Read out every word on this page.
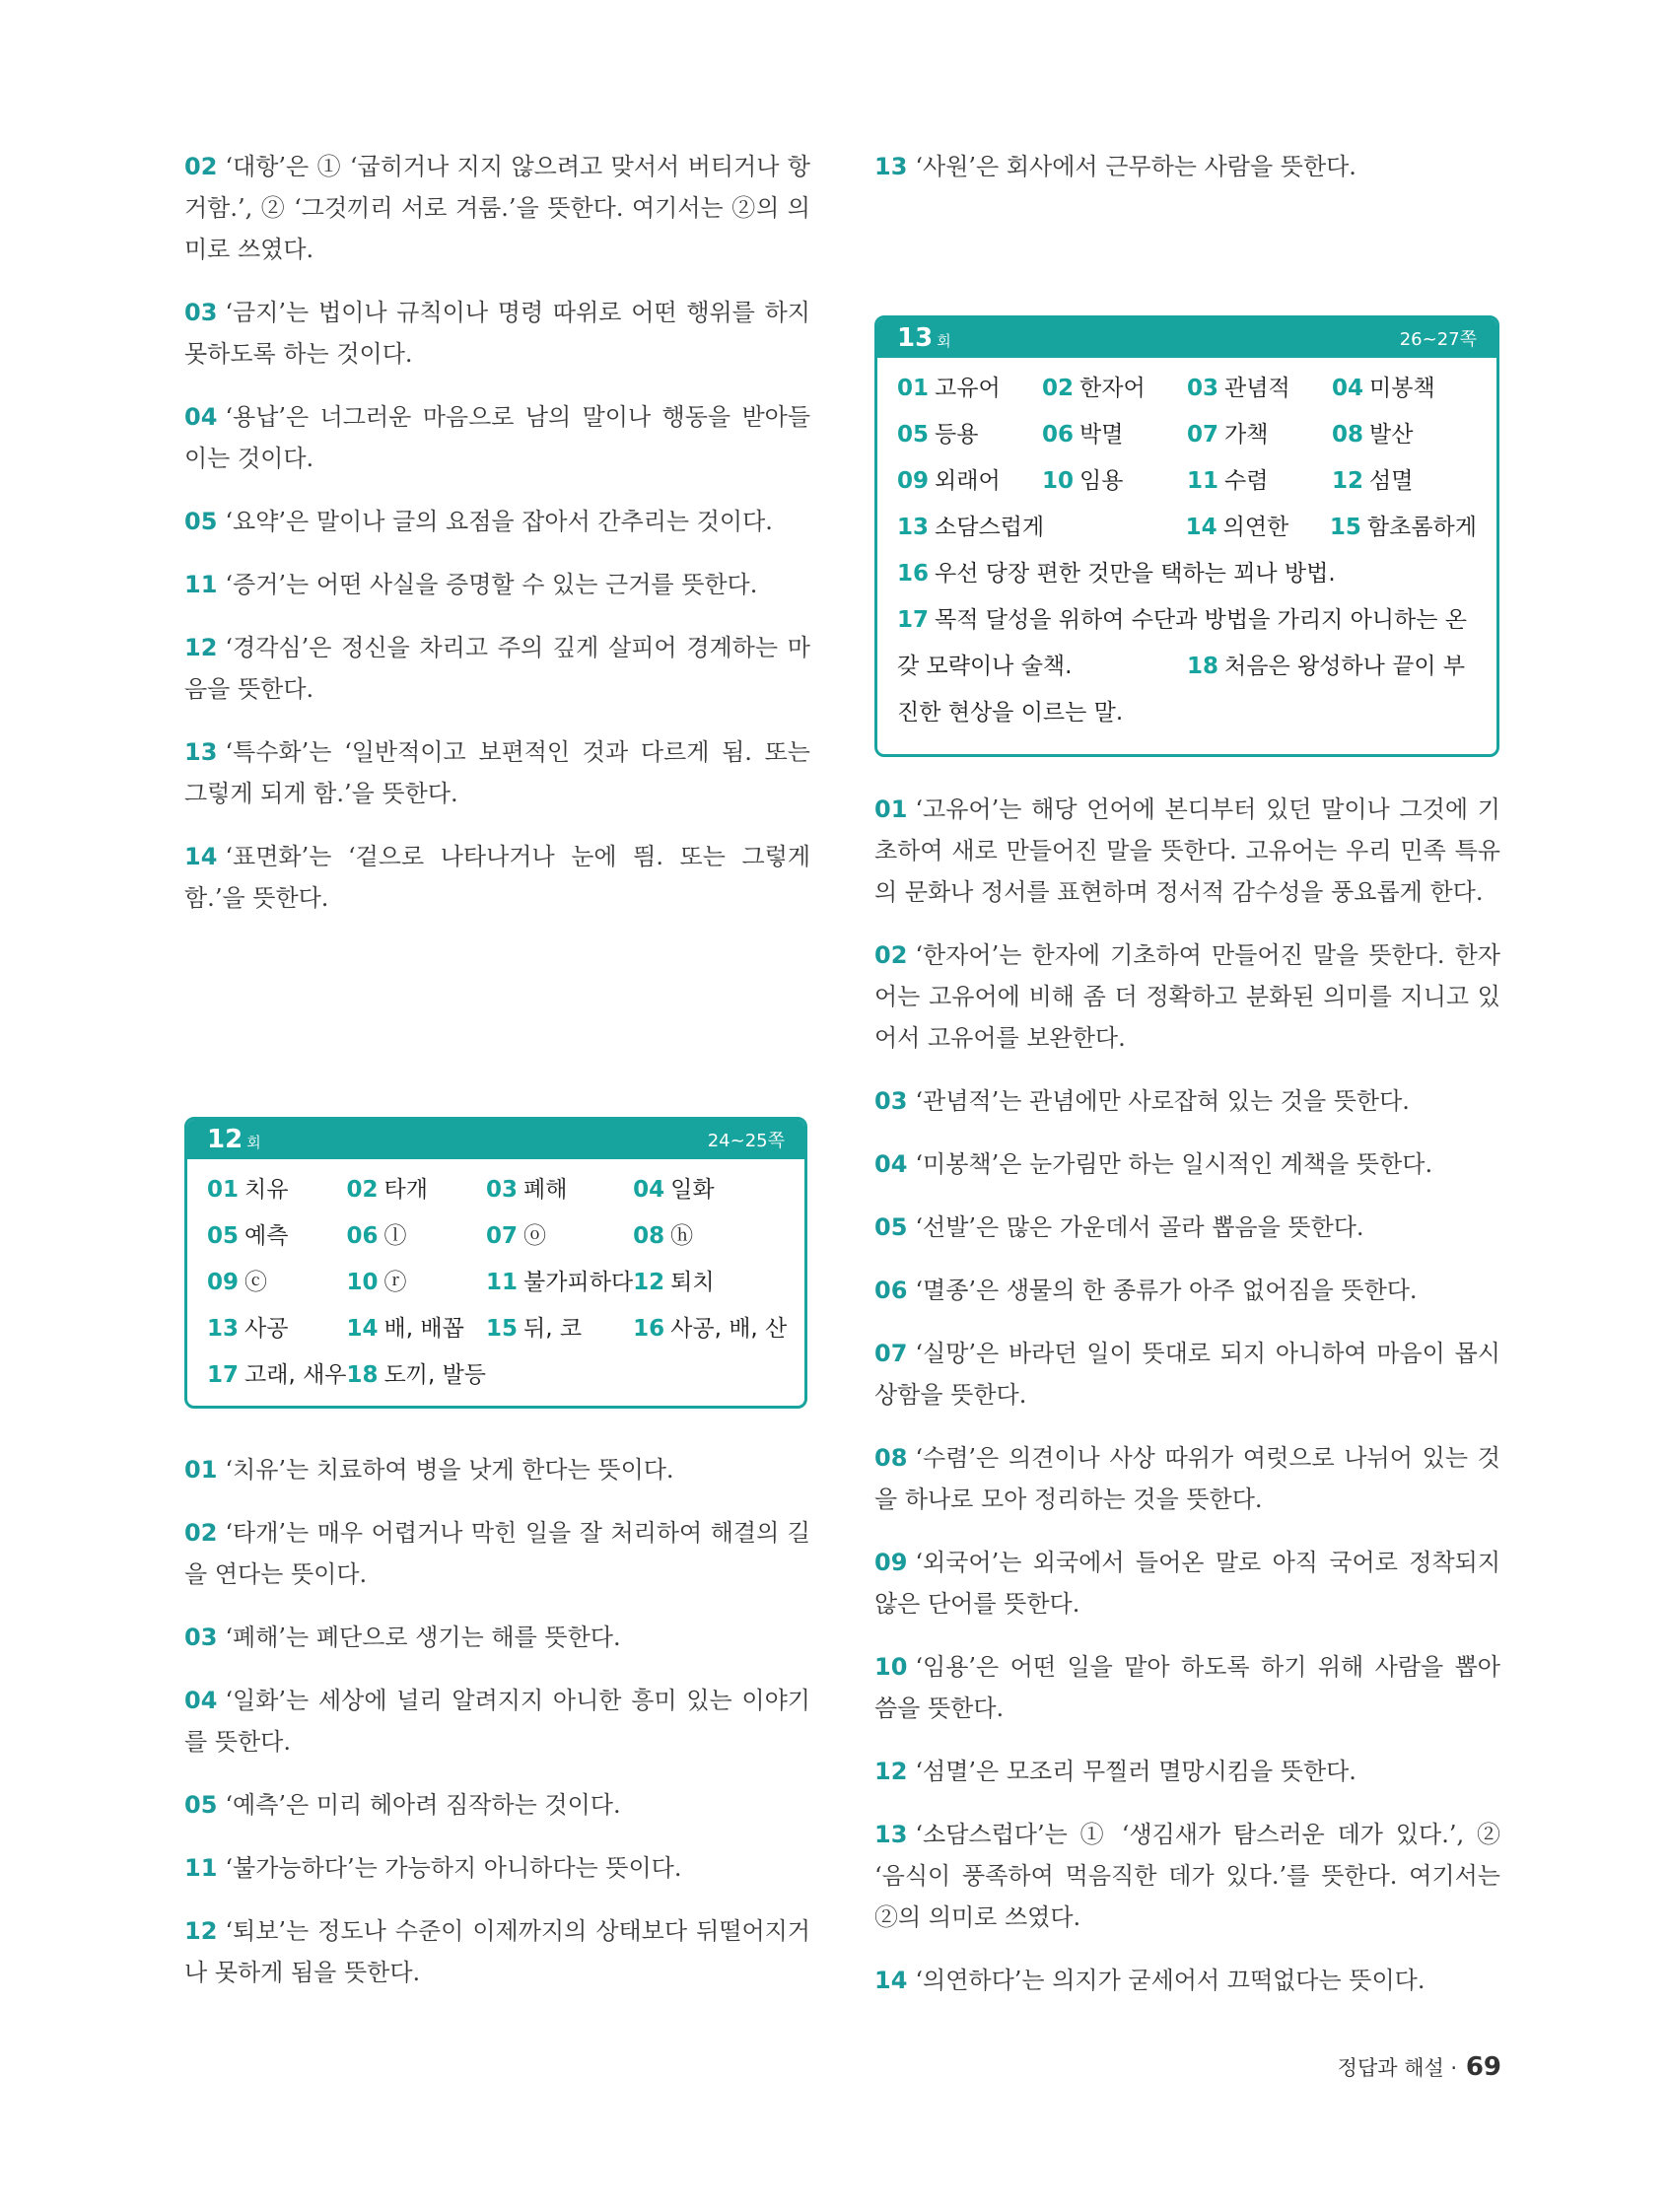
02 ‘대항’은 ① ‘굽히거나 지지 않으려고 맞서서 버티거나 항거함.’, ② ‘그것끼리 서로 겨룸.’을 뜻한다. 여기서는 ②의 의미로 쓰였다.

03 ‘금지’는 법이나 규칙이나 명령 따위로 어떤 행위를 하지 못하도록 하는 것이다.

04 ‘용납’은 너그러운 마음으로 남의 말이나 행동을 받아들이는 것이다.

05 ‘요약’은 말이나 글의 요점을 잡아서 간추리는 것이다.

11 ‘증거’는 어떤 사실을 증명할 수 있는 근거를 뜻한다.

12 ‘경각심’은 정신을 차리고 주의 깊게 살피어 경계하는 마음을 뜻한다.

13 ‘특수화’는 ‘일반적이고 보편적인 것과 다르게 됨. 또는 그렇게 되게 함.’을 뜻한다.

14 ‘표면화’는 ‘겉으로 나타나거나 눈에 띔. 또는 그렇게 함.’을 뜻한다.

12 회	24~25쪽
01 치유	02 타개	03 폐해	04 일화
05 예측	06 ⓛ	07 ⓞ	08 ⓗ
09 ⓒ	10 ⓡ	11 불가피하다 12 퇴치
13 사공	14 배, 배꼽 15 뒤, 코	16 사공, 배, 산
17 고래, 새우 18 도끼, 발등

01 ‘치유’는 치료하여 병을 낫게 한다는 뜻이다.

02 ‘타개’는 매우 어렵거나 막힌 일을 잘 처리하여 해결의 길을 연다는 뜻이다.

03 ‘폐해’는 폐단으로 생기는 해를 뜻한다.

04 ‘일화’는 세상에 널리 알려지지 아니한 흥미 있는 이야기를 뜻한다.

05 ‘예측’은 미리 헤아려 짐작하는 것이다.

11 ‘불가능하다’는 가능하지 아니하다는 뜻이다.

12 ‘퇴보’는 정도나 수준이 이제까지의 상태보다 뒤떨어지거나 못하게 됨을 뜻한다.

13 ‘사원’은 회사에서 근무하는 사람을 뜻한다.

13 회	26~27쪽
01 고유어	02 한자어	03 관념적	04 미봉책
05 등용	06 박멸	07 가책	08 발산
09 외래어	10 임용	11 수렴	12 섬멸
13 소담스럽게	14 의연한	15 함초롬하게
16 우선 당장 편한 것만을 택하는 꾀나 방법.
17 목적 달성을 위하여 수단과 방법을 가리지 아니하는 온
갖 모략이나 술책.	18 처음은 왕성하나 끝이 부
진한 현상을 이르는 말.

01 ‘고유어’는 해당 언어에 본디부터 있던 말이나 그것에 기초하여 새로 만들어진 말을 뜻한다. 고유어는 우리 민족 특유의 문화나 정서를 표현하며 정서적 감수성을 풍요롭게 한다.

02 ‘한자어’는 한자에 기초하여 만들어진 말을 뜻한다. 한자어는 고유어에 비해 좀 더 정확하고 분화된 의미를 지니고 있어서 고유어를 보완한다.

03 ‘관념적’는 관념에만 사로잡혀 있는 것을 뜻한다.

04 ‘미봉책’은 눈가림만 하는 일시적인 계책을 뜻한다.

05 ‘선발’은 많은 가운데서 골라 뽑음을 뜻한다.

06 ‘멸종’은 생물의 한 종류가 아주 없어짐을 뜻한다.

07 ‘실망’은 바라던 일이 뜻대로 되지 아니하여 마음이 몹시 상함을 뜻한다.

08 ‘수렴’은 의견이나 사상 따위가 여럿으로 나뉘어 있는 것을 하나로 모아 정리하는 것을 뜻한다.

09 ‘외국어’는 외국에서 들어온 말로 아직 국어로 정착되지 않은 단어를 뜻한다.

10 ‘임용’은 어떤 일을 맡아 하도록 하기 위해 사람을 뽑아 씀을 뜻한다.

12 ‘섬멸’은 모조리 무찔러 멸망시킴을 뜻한다.

13 ‘소담스럽다’는 ① ‘생김새가 탐스러운 데가 있다.’, ② ‘음식이 풍족하여 먹음직한 데가 있다.’를 뜻한다. 여기서는 ②의 의미로 쓰였다.

14 ‘의연하다’는 의지가 굳세어서 끄떡없다는 뜻이다.

정답과 해설 · 69
